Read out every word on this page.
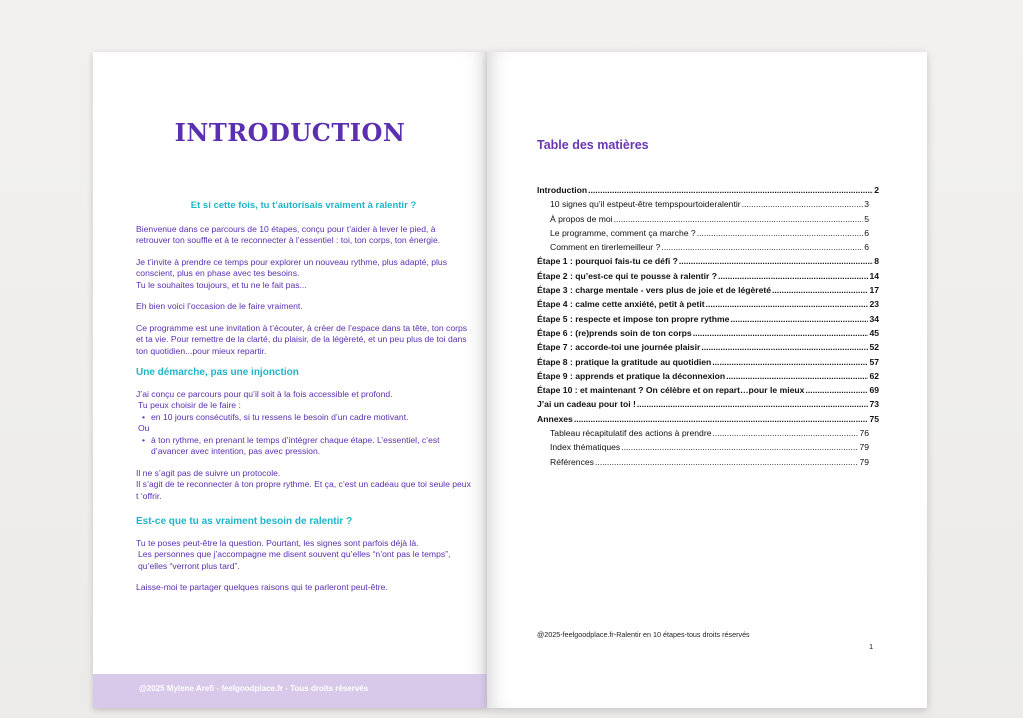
INTRODUCTION

Et si cette fois, tu t’autorisais vraiment à ralentir ?

Bienvenue dans ce parcours de 10 étapes, conçu pour t’aider à lever le pied, à retrouver ton souffle et à te reconnecter à l’essentiel : toi, ton corps, ton énergie.

Je t’invite à prendre ce temps pour explorer un nouveau rythme, plus adapté, plus conscient, plus en phase avec tes besoins.
Tu le souhaites toujours, et tu ne le fait pas...

Eh bien voici l’occasion de le faire vraiment.

Ce programme est une invitation à t’écouter, à créer de l’espace dans ta tête, ton corps et ta vie. Pour remettre de la clarté, du plaisir, de la légèreté, et un peu plus de toi dans ton quotidien...pour mieux repartir.

Une démarche, pas une injonction

J’ai conçu ce parcours pour qu’il soit à la fois accessible et profond.
Tu peux choisir de le faire :
• en 10 jours consécutifs, si tu ressens le besoin d’un cadre motivant.
Ou
• à ton rythme, en prenant le temps d’intégrer chaque étape. L’essentiel, c’est d’avancer avec intention, pas avec pression.
Il ne s’agit pas de suivre un protocole.
Il s’agit de te reconnecter à ton propre rythme. Et ça, c’est un cadeau que toi seule peux t ‘offrir.

Est-ce que tu as vraiment besoin de ralentir ?

Tu te poses peut-être la question. Pourtant, les signes sont parfois déjà là.
Les personnes que j’accompagne me disent souvent qu’elles “n’ont pas le temps”, qu’elles “verront plus tard”.
Laisse-moi te partager quelques raisons qui te parleront peut-être.
@2025 Mylene Arefi - feelgoodplace.fr - Tous droits réservés
Table des matières
Introduction .....	2
10 signes qu’il estpeut-être tempspourtoideralentir .....	3
À propos de moi .....	5
Le programme, comment ça marche ? .....	6
Comment en tirerlemeilleur ? .....	6
Étape 1 : pourquoi fais-tu ce défi ? .....	8
Étape 2 : qu’est-ce qui te pousse à ralentir ? .....	14
Étape 3 : charge mentale - vers plus de joie et de légèreté .....	17
Étape 4 : calme cette anxiété, petit à petit .....	23
Étape 5 : respecte et impose ton propre rythme .....	34
Étape 6 : (re)prends soin de ton corps .....	45
Étape 7 : accorde-toi une journée plaisir .....	52
Étape 8 : pratique la gratitude au quotidien .....	57
Étape 9 : apprends et pratique la déconnexion .....	62
Étape 10 : et maintenant ? On célèbre et on repart…pour le mieux .....	69
J’ai un cadeau pour toi ! .....	73
Annexes .....	75
Tableau récapitulatif des actions à prendre .....	76
Index thématiques .....	79
Références .....	79
@2025-feelgoodplace.fr-Ralentir en 10 étapes-tous droits réservés
1
